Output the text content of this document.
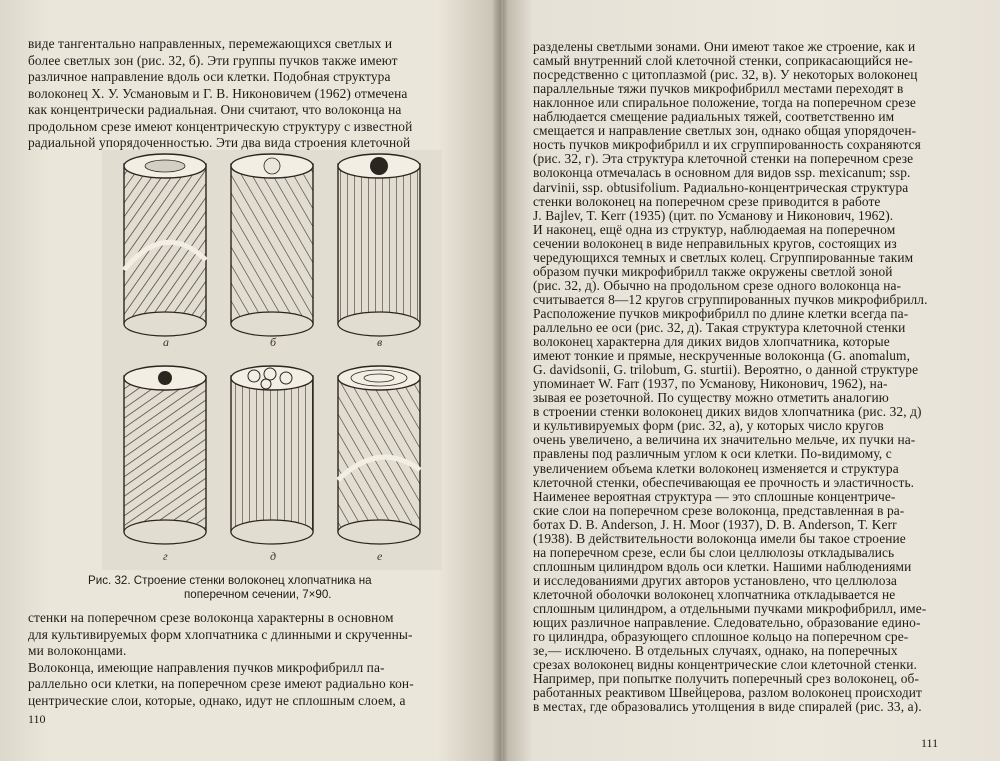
виде тангентально направленных, перемежающихся светлых и
более светлых зон (рис. 32, б). Эти группы пучков также имеют
различное направление вдоль оси клетки. Подобная структура
волоконец Х. У. Усмановым и Г. В. Никоновичем (1962) отмечена
как концентрически радиальная. Они считают, что волоконца на
продольном срезе имеют концентрическую структуру с известной
радиальной упорядоченностью. Эти два вида строения клеточной
а	б	в
г	д	е
Рис. 32. Строение стенки волоконец хлопчатника на
поперечном сечении, 7×90.
стенки на поперечном срезе волоконца характерны в основном
для культивируемых форм хлопчатника с длинными и скрученны-
ми волоконцами.
Волоконца, имеющие направления пучков микрофибрилл па-
раллельно оси клетки, на поперечном срезе имеют радиально кон-
центрические слои, которые, однако, идут не сплошным слоем, а
110
разделены светлыми зонами. Они имеют такое же строение, как и
самый внутренний слой клеточной стенки, соприкасающийся не-
посредственно с цитоплазмой (рис. 32, в). У некоторых волоконец
параллельные тяжи пучков микрофибрилл местами переходят в
наклонное или спиральное положение, тогда на поперечном срезе
наблюдается смещение радиальных тяжей, соответственно им
смещается и направление светлых зон, однако общая упорядочен-
ность пучков микрофибрилл и их сгруппированность сохраняются
(рис. 32, г). Эта структура клеточной стенки на поперечном срезе
волоконца отмечалась в основном для видов ssp. mexicanum; ssp.
darvinii, ssp. obtusifolium. Радиально-концентрическая структура
стенки волоконец на поперечном срезе приводится в работе
J. Bajlev, T. Kerr (1935) (цит. по Усманову и Никонович, 1962).
И наконец, ещё одна из структур, наблюдаемая на поперечном
сечении волоконец в виде неправильных кругов, состоящих из
чередующихся темных и светлых колец. Сгруппированные таким
образом пучки микрофибрилл также окружены светлой зоной
(рис. 32, д). Обычно на продольном срезе одного волоконца на-
считывается 8—12 кругов сгруппированных пучков микрофибрилл.
Расположение пучков микрофибрилл по длине клетки всегда па-
раллельно ее оси (рис. 32, д). Такая структура клеточной стенки
волоконец характерна для диких видов хлопчатника, которые
имеют тонкие и прямые, нескрученные волоконца (G. anomalum,
G. davidsonii, G. trilobum, G. sturtii). Вероятно, о данной структуре
упоминает W. Farr (1937, по Усманову, Никонович, 1962), на-
зывая ее розеточной. По существу можно отметить аналогию
в строении стенки волоконец диких видов хлопчатника (рис. 32, д)
и культивируемых форм (рис. 32, а), у которых число кругов
очень увеличено, а величина их значительно мельче, их пучки на-
правлены под различным углом к оси клетки. По-видимому, с
увеличением объема клетки волоконец изменяется и структура
клеточной стенки, обеспечивающая ее прочность и эластичность.
Наименее вероятная структура — это сплошные концентриче-
ские слои на поперечном срезе волоконца, представленная в ра-
ботах D. B. Anderson, J. H. Moor (1937), D. B. Anderson, T. Kerr
(1938). В действительности волоконца имели бы такое строение
на поперечном срезе, если бы слои целлюлозы откладывались
сплошным цилиндром вдоль оси клетки. Нашими наблюдениями
и исследованиями других авторов установлено, что целлюлоза
клеточной оболочки волоконец хлопчатника откладывается не
сплошным цилиндром, а отдельными пучками микрофибрилл, име-
ющих различное направление. Следовательно, образование едино-
го цилиндра, образующего сплошное кольцо на поперечном сре-
зе,— исключено. В отдельных случаях, однако, на поперечных
срезах волоконец видны концентрические слои клеточной стенки.
Например, при попытке получить поперечный срез волоконец, об-
работанных реактивом Швейцерова, разлом волоконец происходит
в местах, где образовались утолщения в виде спиралей (рис. 33, а).
111
